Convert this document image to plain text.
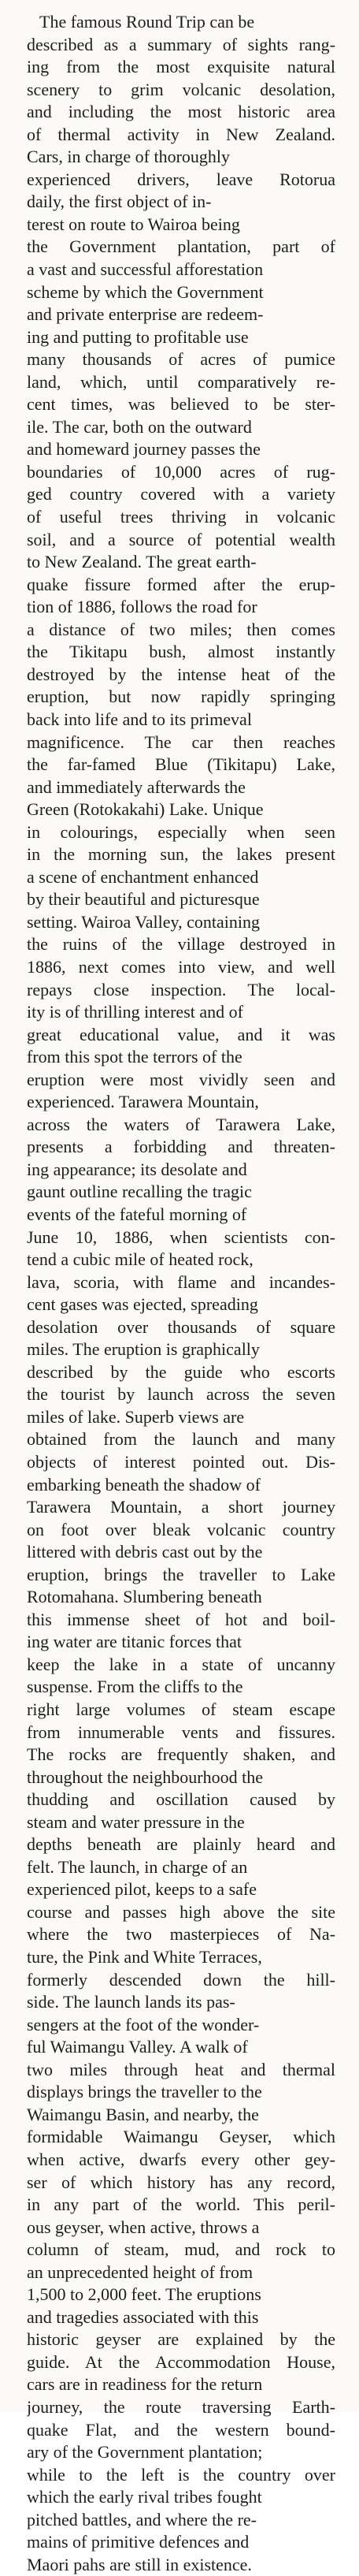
The famous Round Trip can be
described as a summary of sights rang-
ing from the most exquisite natural
scenery to grim volcanic desolation,
and including the most historic area
of thermal activity in New Zealand.
Cars, in charge of thoroughly
experienced drivers, leave Rotorua
daily, the first object of in-
terest on route to Wairoa being
the Government plantation, part of
a vast and successful afforestation
scheme by which the Government
and private enterprise are redeem-
ing and putting to profitable use
many thousands of acres of pumice
land, which, until comparatively re-
cent times, was believed to be ster-
ile. The car, both on the outward
and homeward journey passes the
boundaries of 10,000 acres of rug-
ged country covered with a variety
of useful trees thriving in volcanic
soil, and a source of potential wealth
to New Zealand. The great earth-
quake fissure formed after the erup-
tion of 1886, follows the road for
a distance of two miles; then comes
the Tikitapu bush, almost instantly
destroyed by the intense heat of the
eruption, but now rapidly springing
back into life and to its primeval
magnificence. The car then reaches
the far-famed Blue (Tikitapu) Lake,
and immediately afterwards the
Green (Rotokakahi) Lake. Unique
in colourings, especially when seen
in the morning sun, the lakes present
a scene of enchantment enhanced
by their beautiful and picturesque
setting. Wairoa Valley, containing
the ruins of the village destroyed in
1886, next comes into view, and well
repays close inspection. The local-
ity is of thrilling interest and of
great educational value, and it was
from this spot the terrors of the
eruption were most vividly seen and
experienced. Tarawera Mountain,
across the waters of Tarawera Lake,
presents a forbidding and threaten-
ing appearance; its desolate and
gaunt outline recalling the tragic
events of the fateful morning of
June 10, 1886, when scientists con-
tend a cubic mile of heated rock,
lava, scoria, with flame and incandes-
cent gases was ejected, spreading
desolation over thousands of square
miles. The eruption is graphically
described by the guide who escorts
the tourist by launch across the seven
miles of lake. Superb views are
obtained from the launch and many
objects of interest pointed out. Dis-
embarking beneath the shadow of
Tarawera Mountain, a short journey
on foot over bleak volcanic country
littered with debris cast out by the
eruption, brings the traveller to Lake
Rotomahana. Slumbering beneath
this immense sheet of hot and boil-
ing water are titanic forces that
keep the lake in a state of uncanny
suspense. From the cliffs to the
right large volumes of steam escape
from innumerable vents and fissures.
The rocks are frequently shaken, and
throughout the neighbourhood the
thudding and oscillation caused by
steam and water pressure in the
depths beneath are plainly heard and
felt. The launch, in charge of an
experienced pilot, keeps to a safe
course and passes high above the site
where the two masterpieces of Na-
ture, the Pink and White Terraces,
formerly descended down the hill-
side. The launch lands its pas-
sengers at the foot of the wonder-
ful Waimangu Valley. A walk of
two miles through heat and thermal
displays brings the traveller to the
Waimangu Basin, and nearby, the
formidable Waimangu Geyser, which
when active, dwarfs every other gey-
ser of which history has any record,
in any part of the world. This peril-
ous geyser, when active, throws a
column of steam, mud, and rock to
an unprecedented height of from
1,500 to 2,000 feet. The eruptions
and tragedies associated with this
historic geyser are explained by the
guide. At the Accommodation House,
cars are in readiness for the return
journey, the route traversing Earth-
quake Flat, and the western bound-
ary of the Government plantation;
while to the left is the country over
which the early rival tribes fought
pitched battles, and where the re-
mains of primitive defences and
Maori pahs are still in existence.
